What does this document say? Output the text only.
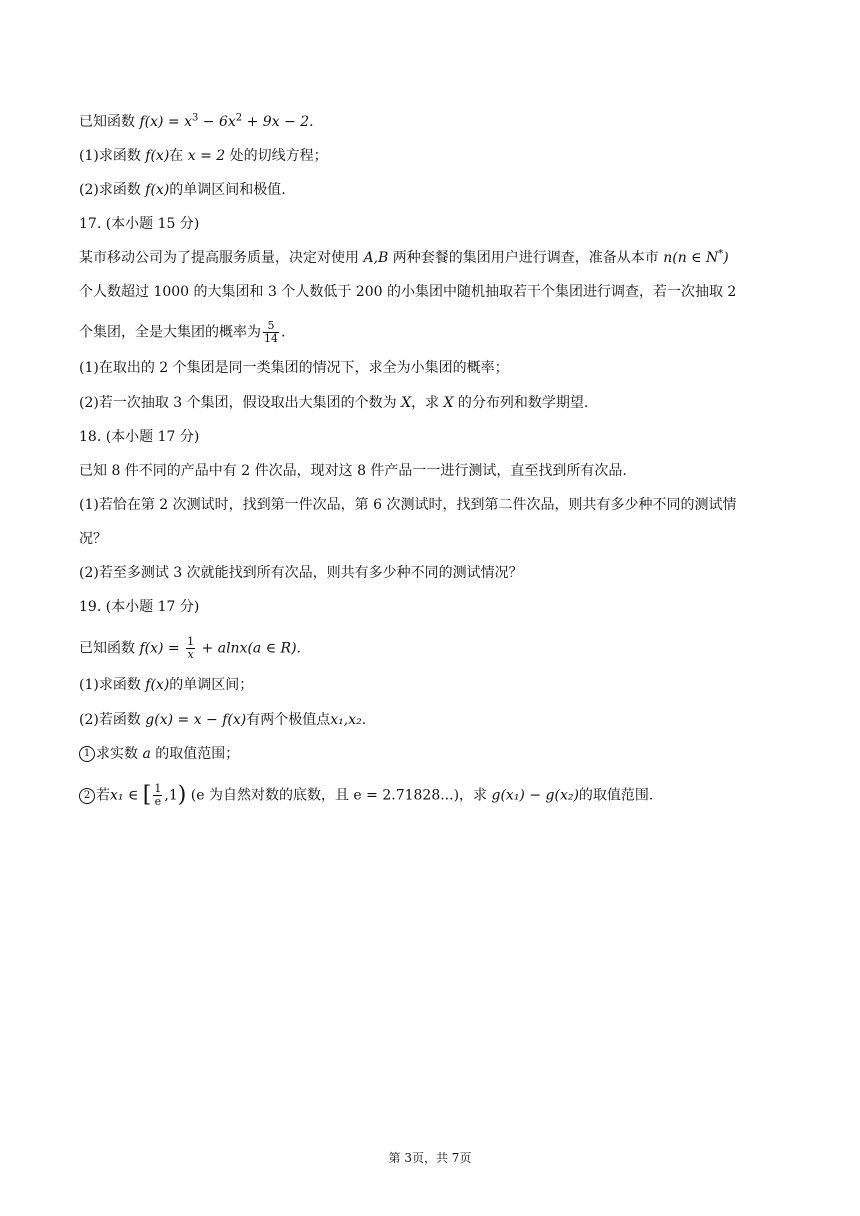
已知函数 $f(x) = x^3 - 6x^2 + 9x - 2$.
(1)求函数 f(x)在 x = 2 处的切线方程；
(2)求函数 f(x)的单调区间和极值.
17. (本小题 15 分)
某市移动公司为了提高服务质量，决定对使用 A,B 两种套餐的集团用户进行调查，准备从本市 n(n ∈ N*)
个人数超过 1000 的大集团和 3 个人数低于 200 的小集团中随机抽取若干个集团进行调查，若一次抽取 2
个集团，全是大集团的概率为 $\frac{5}{14}$ .
(1)在取出的 2 个集团是同一类集团的情况下，求全为小集团的概率；
(2)若一次抽取 3 个集团，假设取出大集团的个数为 X，求 X 的分布列和数学期望.
18. (本小题 17 分)
已知 8 件不同的产品中有 2 件次品，现对这 8 件产品一一进行测试，直至找到所有次品.
(1)若恰在第 2 次测试时，找到第一件次品，第 6 次测试时，找到第二件次品，则共有多少种不同的测试情
况？
(2)若至多测试 3 次就能找到所有次品，则共有多少种不同的测试情况？
19. (本小题 17 分)
已知函数 $f(x) = \frac{1}{x} + alnx(a$ ∈ R).
(1)求函数 f(x)的单调区间；
(2)若函数 g(x) = x − f(x)有两个极值点x₁,x₂.
1 求实数 a 的取值范围；
2 若x₁ ∈ [ $\frac{1}{e} ,1$) (e 为自然对数的底数，且 e = 2.71828...)，求 g(x₁) − g(x₂)的取值范围.
第 3页，共 7页
